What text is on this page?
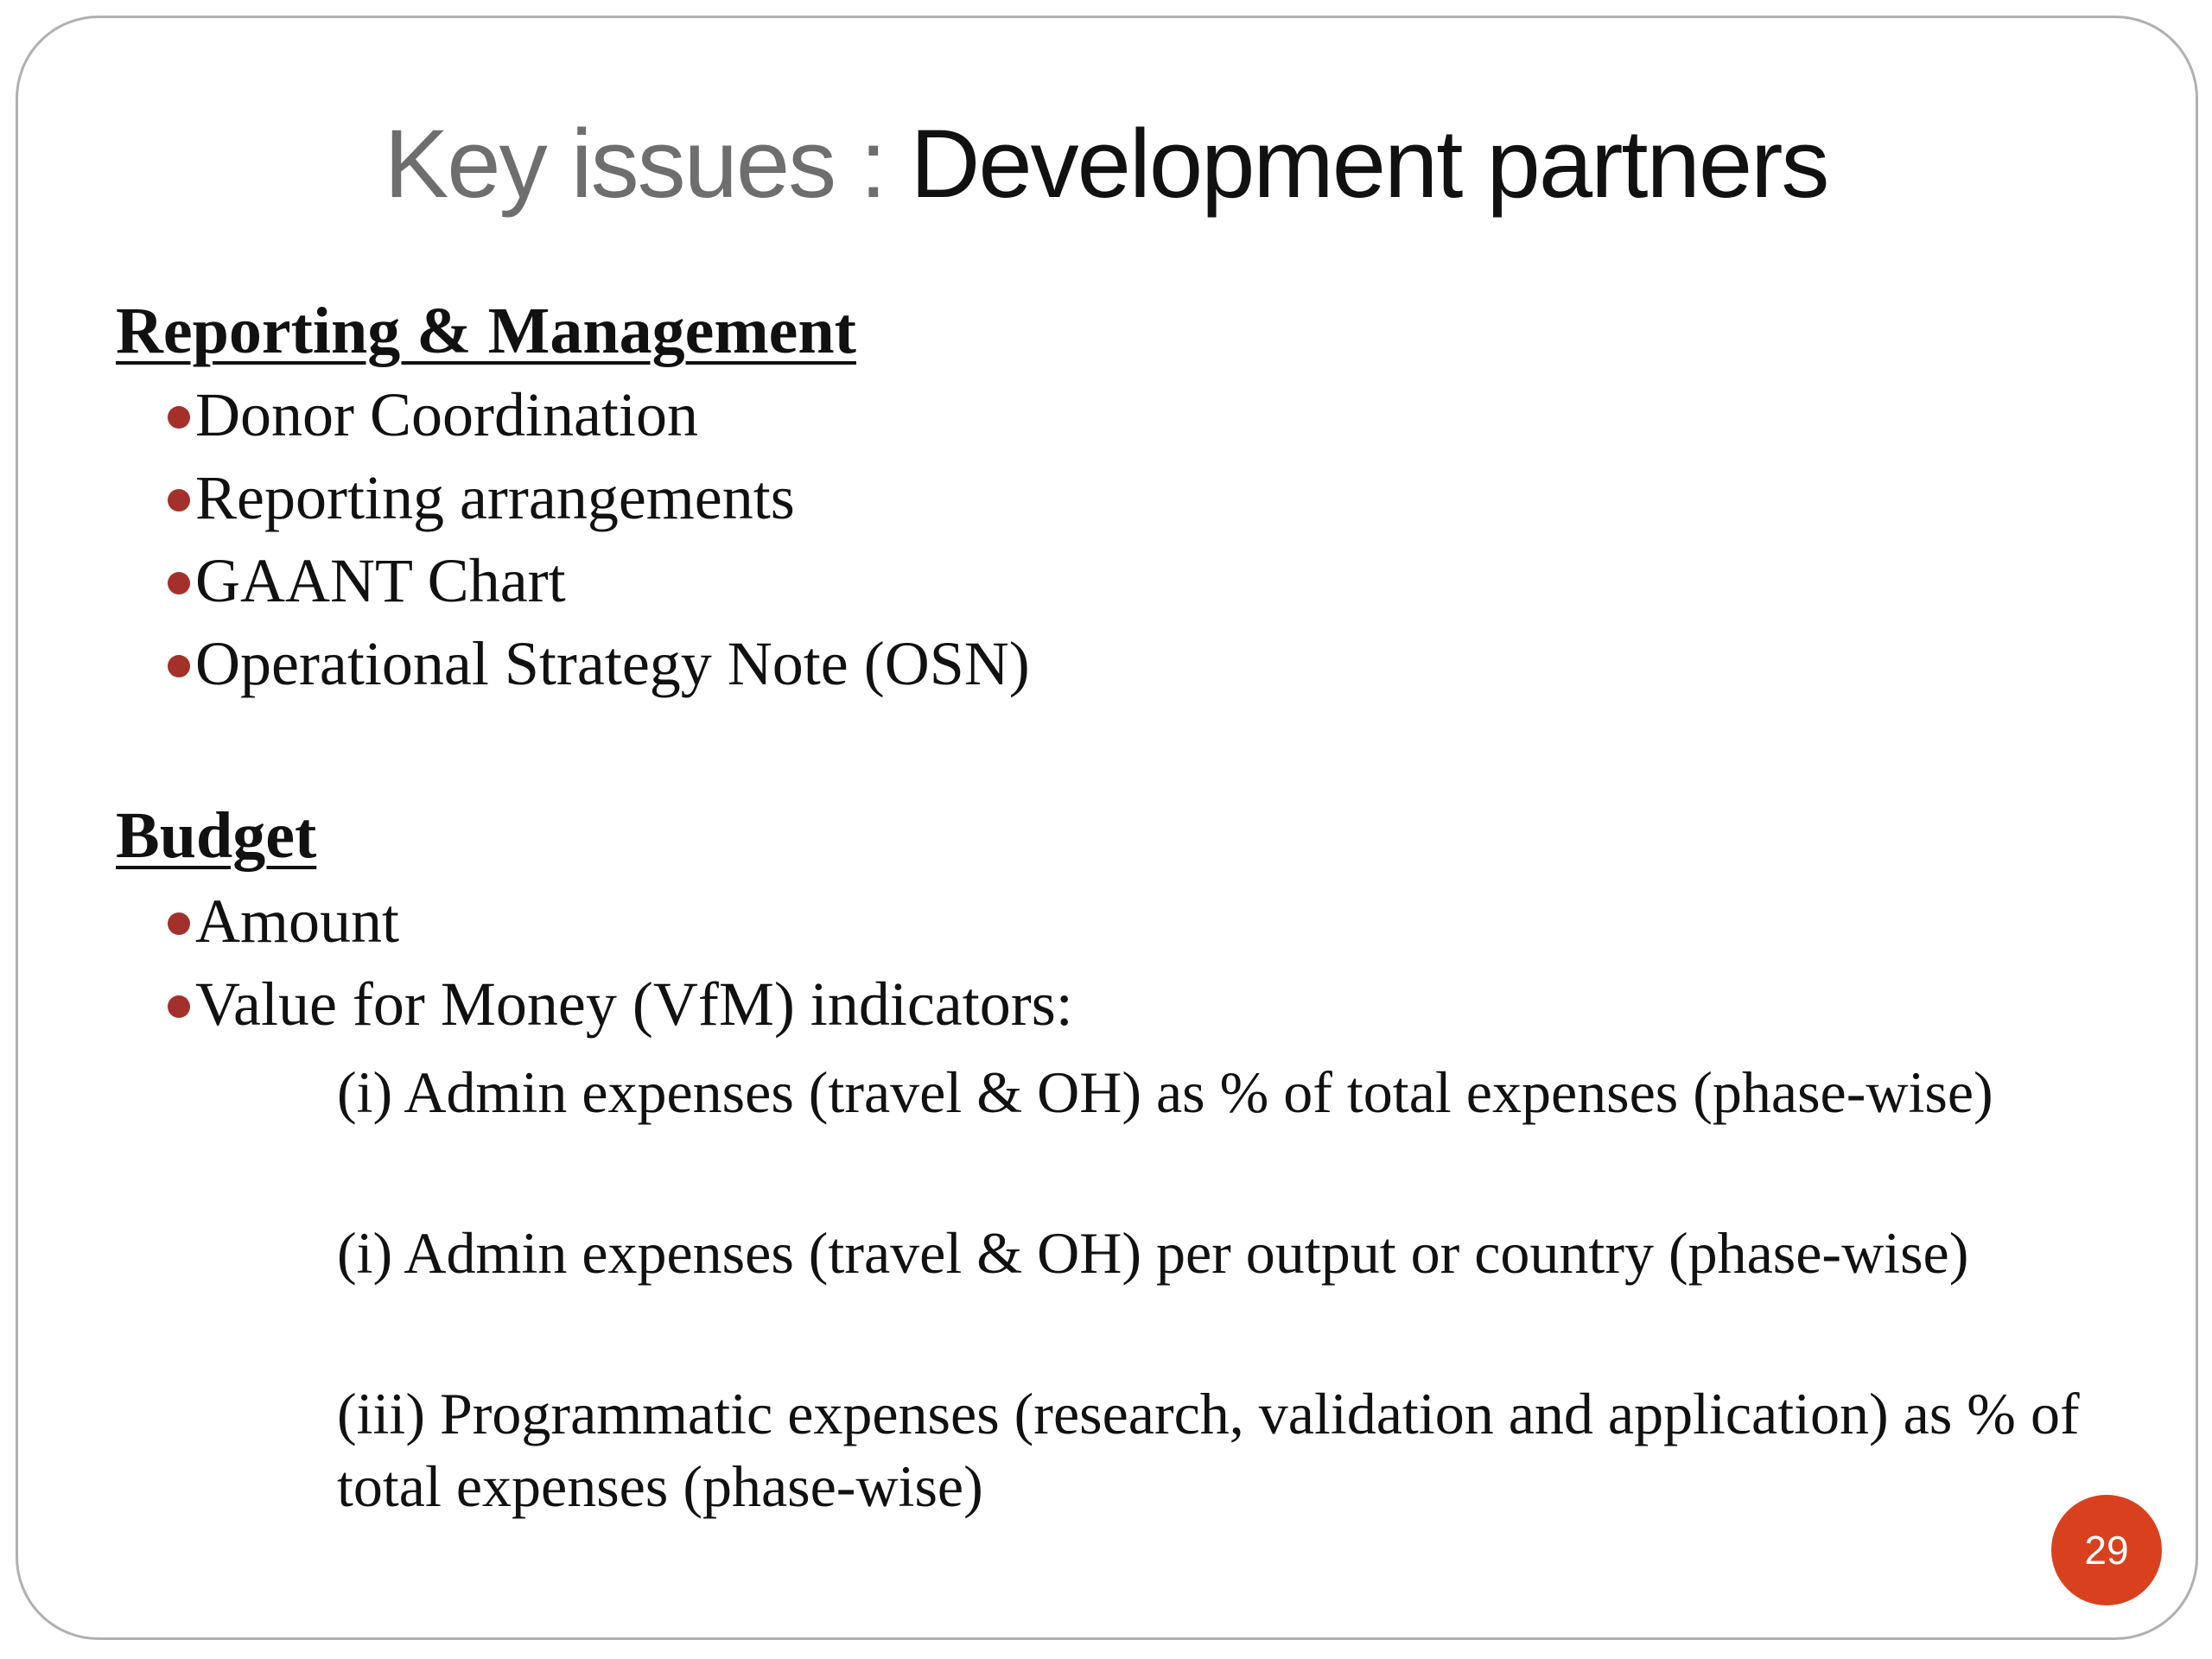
Key issues : Development partners
Reporting & Management
Donor Coordination
Reporting arrangements
GAANT Chart
Operational Strategy Note (OSN)
Budget
Amount
Value for Money (VfM) indicators:
(i) Admin expenses (travel & OH) as % of total expenses (phase-wise)
(i) Admin expenses (travel & OH) per output or country (phase-wise)
(iii) Programmatic expenses (research, validation and application) as % of total expenses (phase-wise)
29
